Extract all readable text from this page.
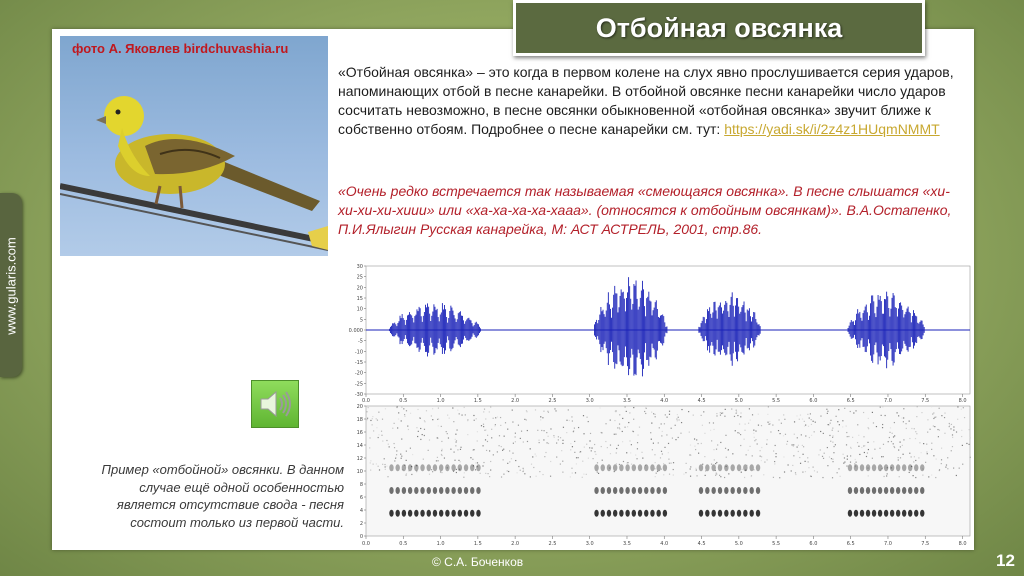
Отбойная овсянка
www.gularis.com
фото А. Яковлев birdchuvashia.ru
«Отбойная овсянка» – это когда в первом колене на слух явно прослушивается серия ударов, напоминающих отбой в песне канарейки. В отбойной овсянке песни канарейки число ударов сосчитать невозможно, в песне овсянки обыкновенной «отбойная овсянка» звучит ближе к собственно отбоям. Подробнее о песне канарейки см. тут: https://yadi.sk/i/2z4z1HUqmNMMT
«Очень редко встречается так называемая «смеющаяся овсянка». В песне слышатся «хи-хи-хи-хи-хиии» или «ха-ха-ха-ха-хааа». (относятся к отбойным овсянкам)». В.А.Остапенко, П.И.Ялыгин Русская канарейка, М: АСТ АСТРЕЛЬ, 2001, стр.86.
Пример «отбойной» овсянки. В данном случае ещё одной особенностью является отсутствие свода - песня состоит только из первой части.
30
25
20
15
10
5
0.000
-5
-10
-15
-20
-25
-30
0.0	0.5	1.0	1.5	2.0	2.5	3.0	3.5	4.0	4.5	5.0	5.5	6.0	6.5	7.0	7.5	8.0
20
18
16
14
12
10
8
6
4
2
0
0.0	0.5	1.0	1.5	2.0	2.5	3.0	3.5	4.0	4.5	5.0	5.5	6.0	6.5	7.0	7.5	8.0
© С.А. Боченков	12
